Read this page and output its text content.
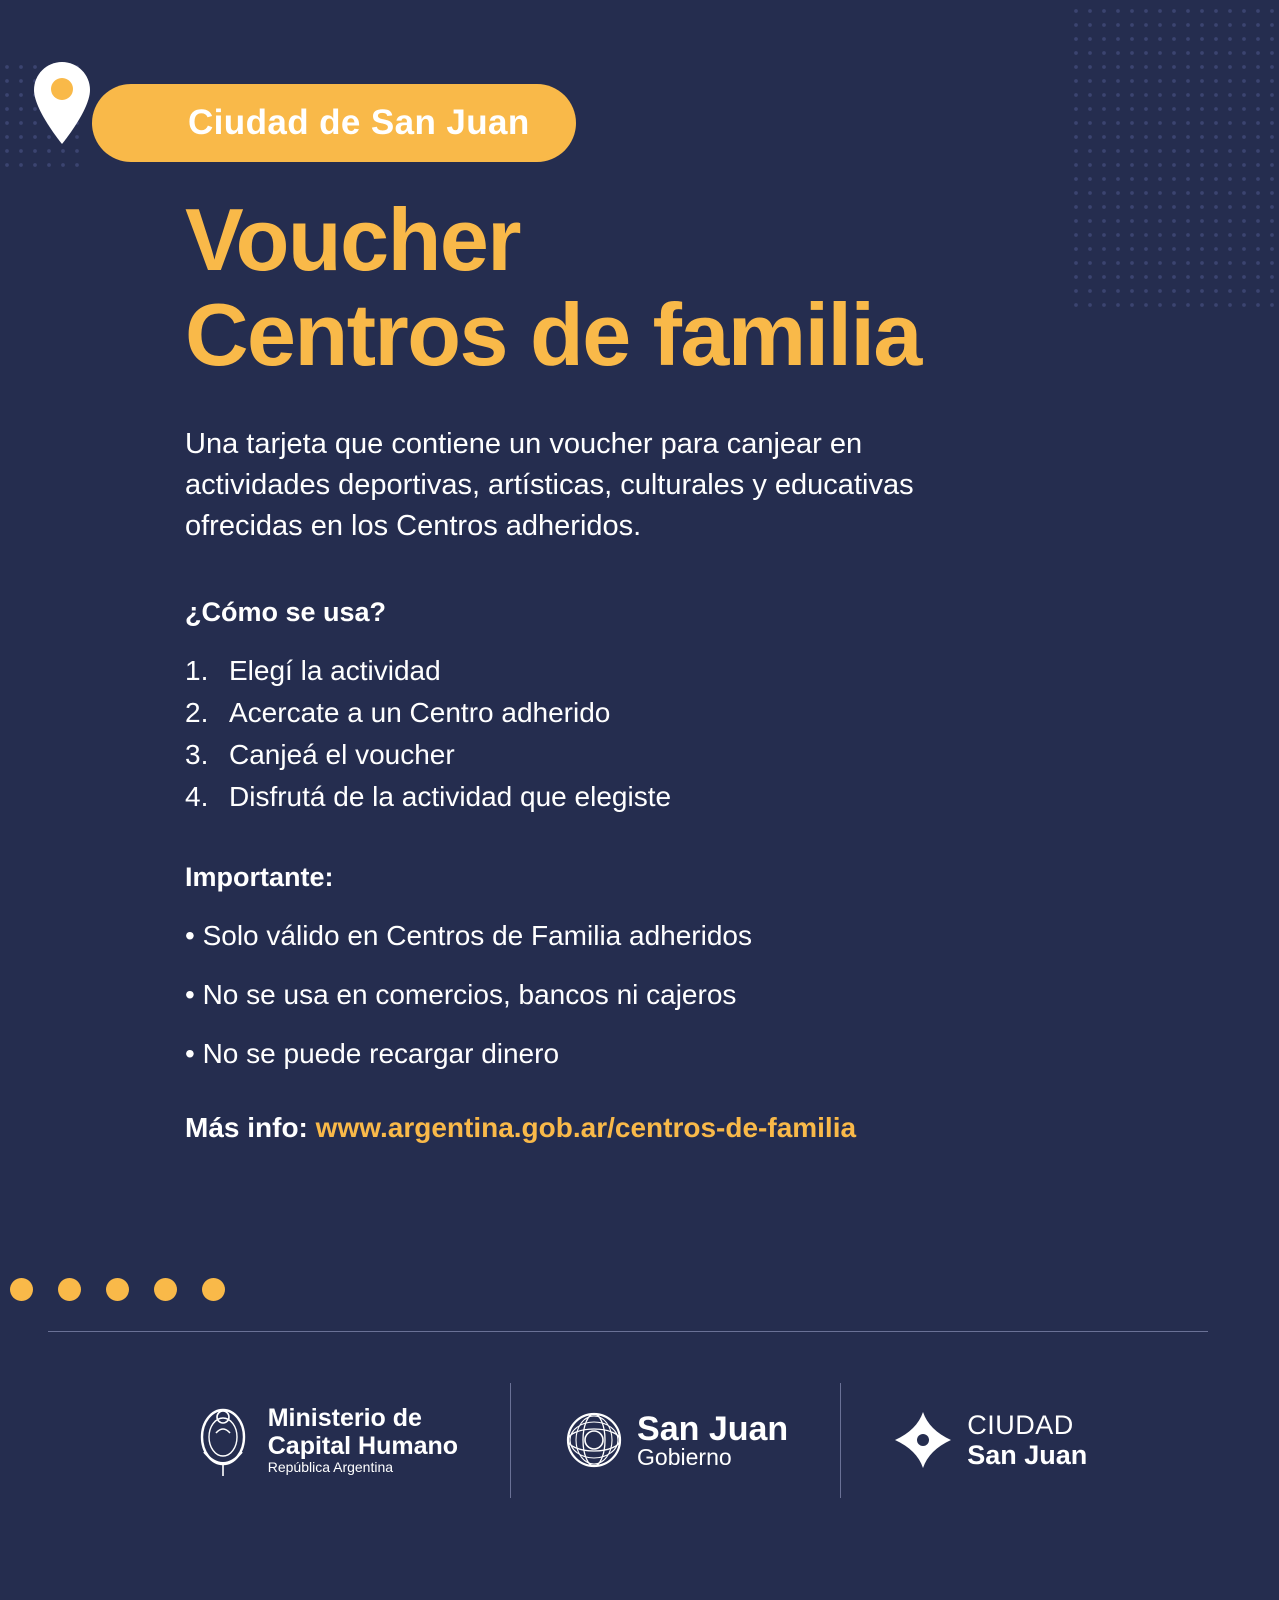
Ciudad de San Juan
Voucher
Centros de familia

Una tarjeta que contiene un voucher para canjear en actividades deportivas, artísticas, culturales y educativas ofrecidas en los Centros adheridos.

¿Cómo se usa?
1. Elegí la actividad
2. Acercate a un Centro adherido
3. Canjeá el voucher
4. Disfrutá de la actividad que elegiste
Importante:
• Solo válido en Centros de Familia adheridos
• No se usa en comercios, bancos ni cajeros
• No se puede recargar dinero
Más info: www.argentina.gob.ar/centros-de-familia
Ministerio de
Capital Humano
República Argentina
San Juan
Gobierno
CIUDAD
San Juan
